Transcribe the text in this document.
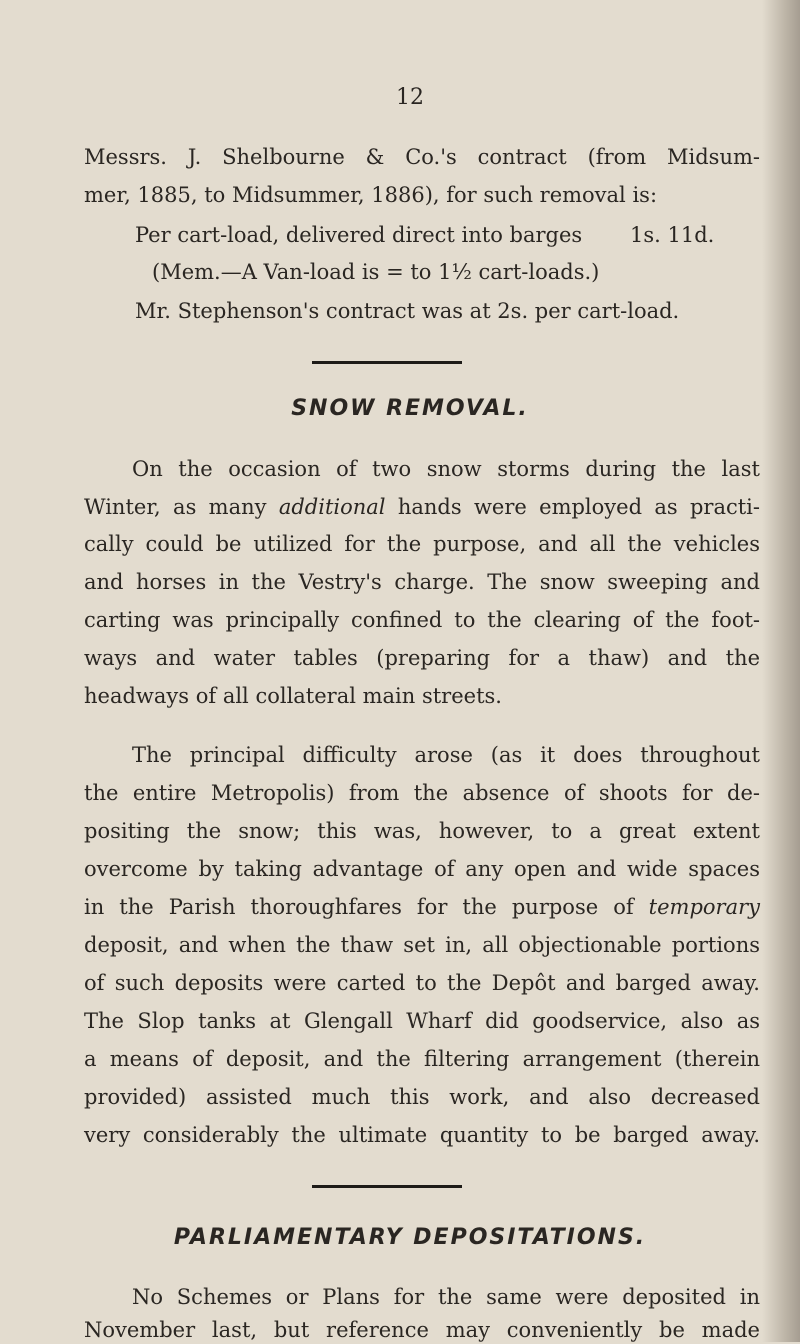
12
Messrs. J. Shelbourne & Co.'s contract (from Midsum-
mer, 1885, to Midsummer, 1886), for such removal is:
Per cart-load, delivered direct into barges 1s. 11d.
(Mem.—A Van-load is = to 1½ cart-loads.)
Mr. Stephenson's contract was at 2s. per cart-load.
SNOW REMOVAL.
On the occasion of two snow storms during the last
Winter, as many additional hands were employed as practi-
cally could be utilized for the purpose, and all the vehicles
and horses in the Vestry's charge. The snow sweeping and
carting was principally confined to the clearing of the foot-
ways and water tables (preparing for a thaw) and the
headways of all collateral main streets.
The principal difficulty arose (as it does throughout
the entire Metropolis) from the absence of shoots for de-
positing the snow; this was, however, to a great extent
overcome by taking advantage of any open and wide spaces
in the Parish thoroughfares for the purpose of temporary
deposit, and when the thaw set in, all objectionable portions
of such deposits were carted to the Depôt and barged away.
The Slop tanks at Glengall Wharf did goodservice, also as
a means of deposit, and the filtering arrangement (therein
provided) assisted much this work, and also decreased
very considerably the ultimate quantity to be barged away.
PARLIAMENTARY DEPOSITATIONS.
No Schemes or Plans for the same were deposited in
November last, but reference may conveniently be made
